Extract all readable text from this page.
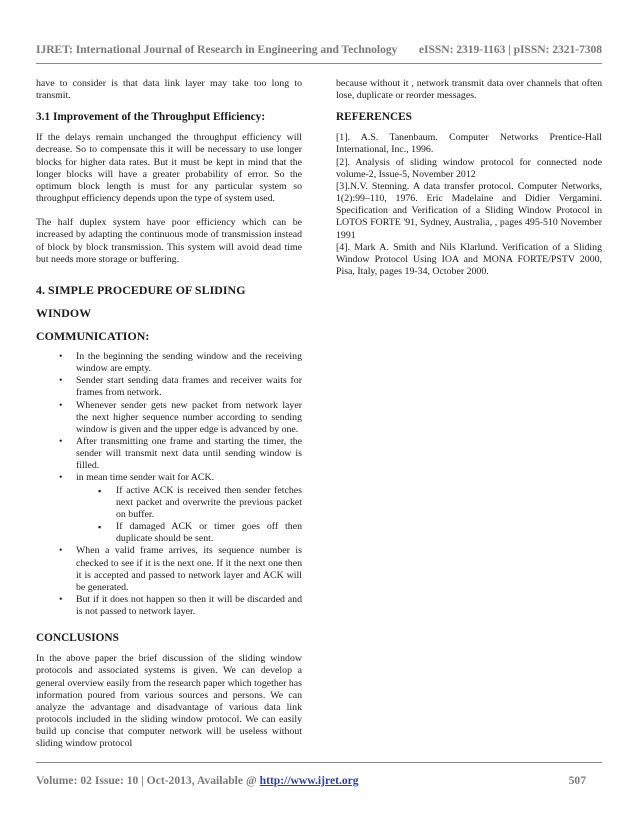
IJRET: International Journal of Research in Engineering and Technology eISSN: 2319-1163 | pISSN: 2321-7308

have to consider is that data link layer may take too long to transmit.

3.1 Improvement of the Throughput Efficiency:

If the delays remain unchanged the throughput efficiency will decrease. So to compensate this it will be necessary to use longer blocks for higher data rates. But it must be kept in mind that the longer blocks will have a greater probability of error. So the optimum block length is must for any particular system so throughput efficiency depends upon the type of system used.

The half duplex system have poor efficiency which can be increased by adapting the continuous mode of transmission instead of block by block transmission. This system will avoid dead time but needs more storage or buffering.

4. SIMPLE PROCEDURE OF SLIDING WINDOW
COMMUNICATION:
• In the beginning the sending window and the receiving window are empty.
• Sender start sending data frames and receiver waits for frames from network.
• Whenever sender gets new packet from network layer the next higher sequence number according to sending window is given and the upper edge is advanced by one.
• After transmitting one frame and starting the timer, the sender will transmit next data until sending window is filled.
• in mean time sender wait for ACK.
▪ If active ACK is received then sender fetches next packet and overwrite the previous packet on buffer.
▪ If damaged ACK or timer goes off then duplicate should be sent.
• When a valid frame arrives, its sequence number is checked to see if it is the next one. If it the next one then it is accepted and passed to network layer and ACK will be generated.
• But if it does not happen so then it will be discarded and is not passed to network layer.
CONCLUSIONS

In the above paper the brief discussion of the sliding window protocols and associated systems is given. We can develop a general overview easily from the research paper which together has information poured from various sources and persons. We can analyze the advantage and disadvantage of various data link protocols included in the sliding window protocol. We can easily build up concise that computer network will be useless without sliding window protocol

because without it , network transmit data over channels that often lose, duplicate or reorder messages.

REFERENCES

[1]. A.S. Tanenbaum. Computer Networks Prentice-Hall International, Inc., 1996.

[2]. Analysis of sliding window protocol for connected node volume-2, Issue-5, November 2012

[3].N.V. Stenning. A data transfer protocol. Computer Networks, 1(2):99–110, 1976. Eric Madelaine and Didier Vergamini. Specification and Verification of a Sliding Window Protocol in LOTOS FORTE '91, Sydney, Australia, , pages 495-510 November 1991

[4]. Mark A. Smith and Nils Klarlund. Verification of a Sliding Window Protocol Using IOA and MONA FORTE/PSTV 2000, Pisa, Italy, pages 19-34, October 2000.

Volume: 02 Issue: 10 | Oct-2013, Available @ http://www.ijret.org	507
